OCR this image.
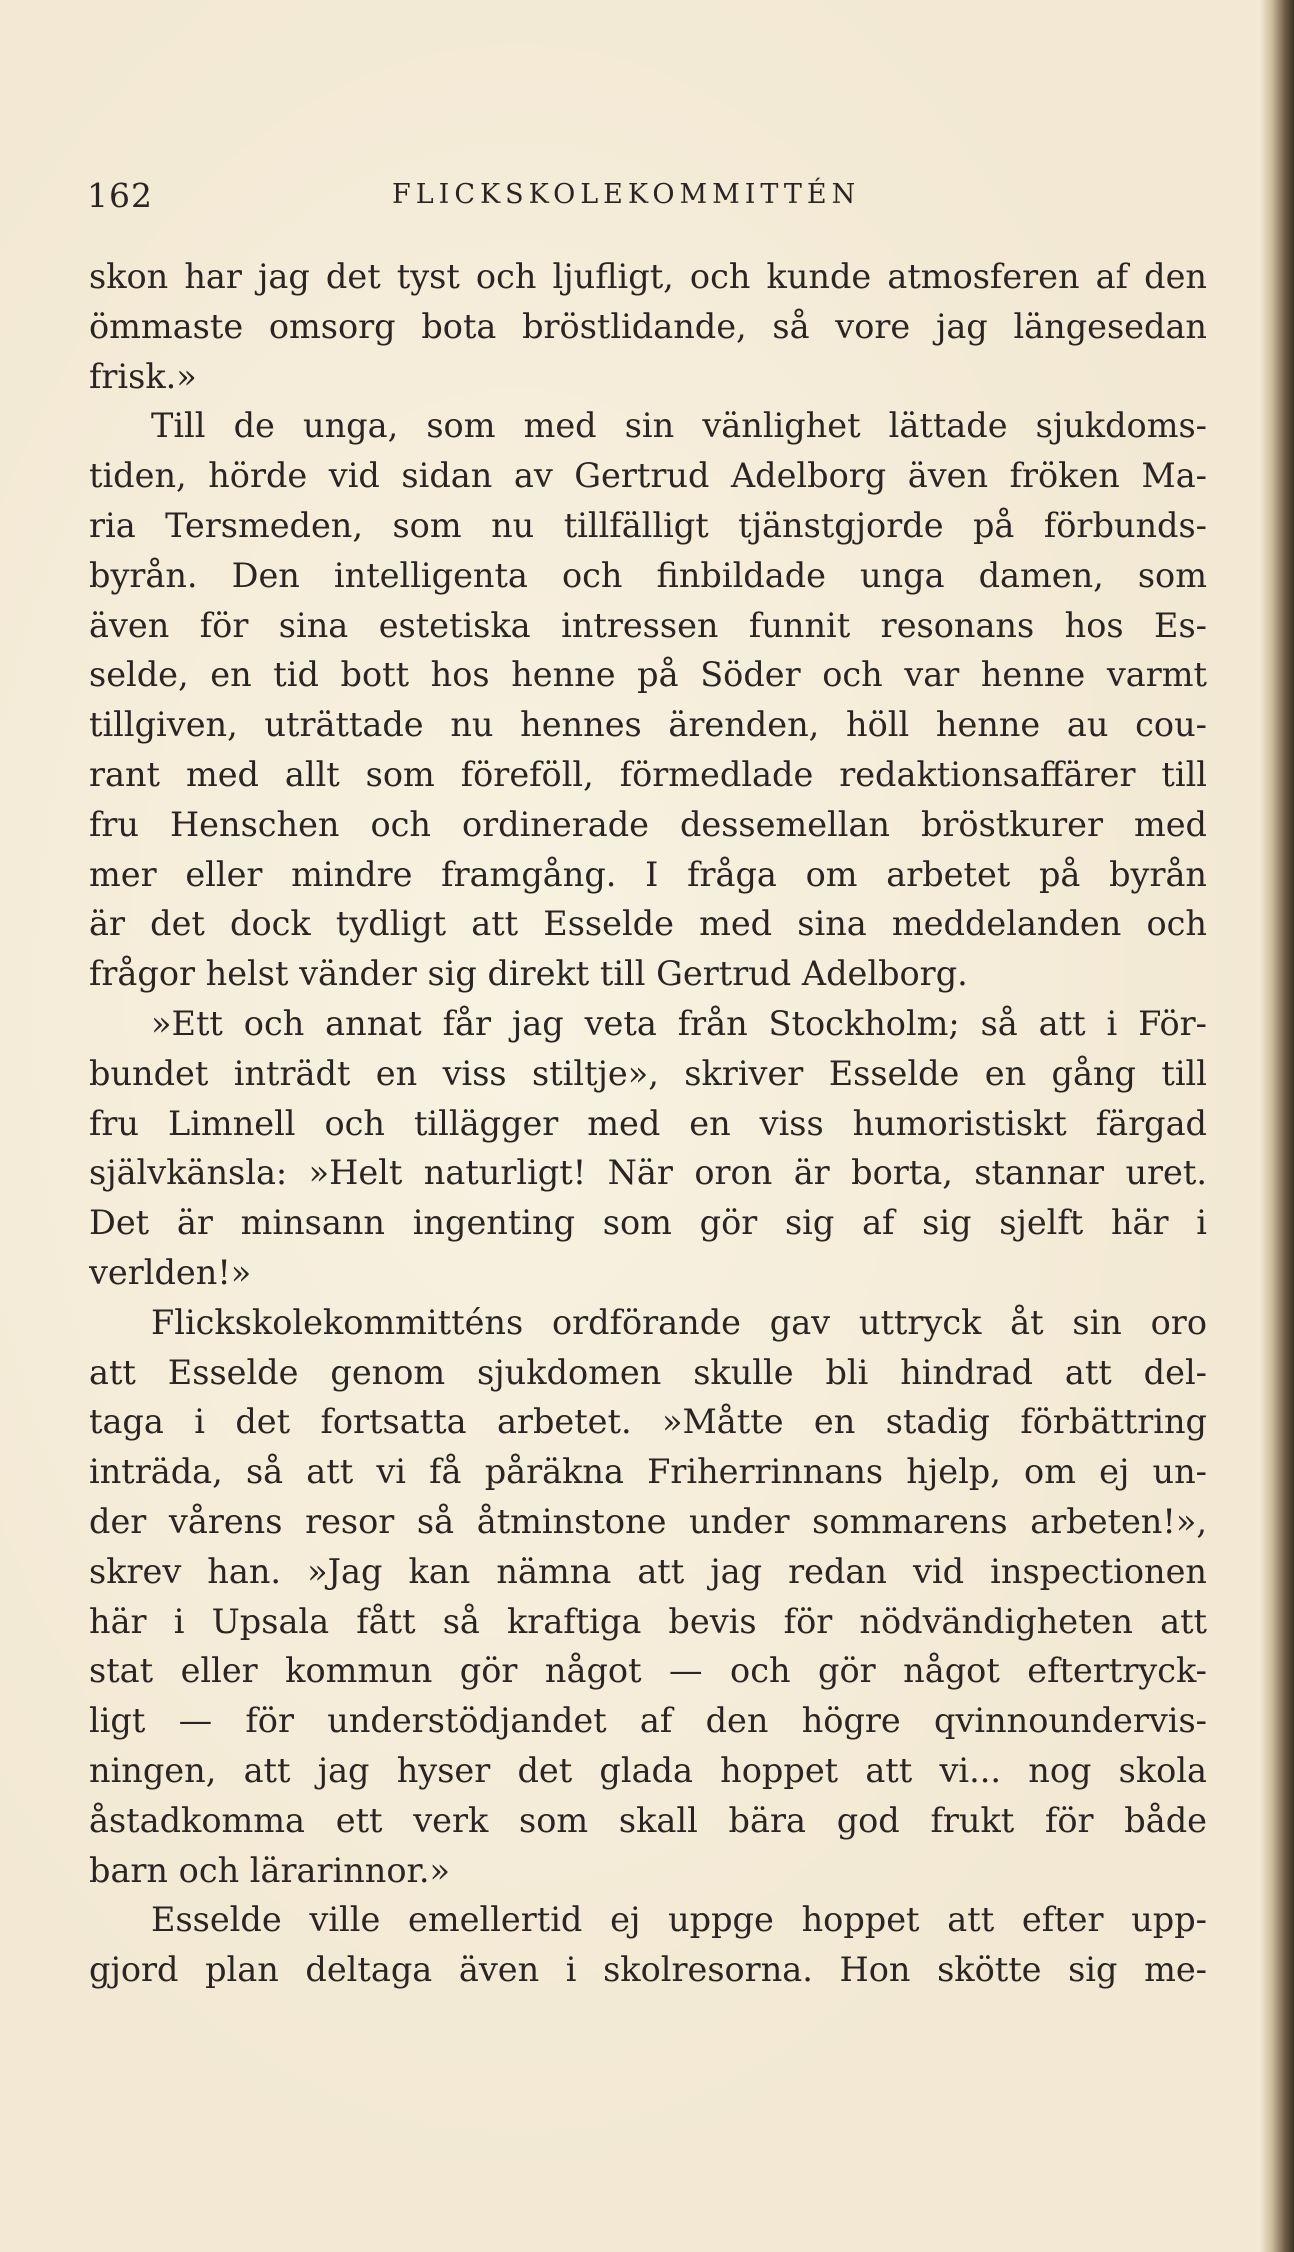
162	FLICKSKOLEKOMMITTÉN
skon har jag det tyst och ljufligt, och kunde atmosferen af den
ömmaste omsorg bota bröstlidande, så vore jag längesedan
frisk.»
Till de unga, som med sin vänlighet lättade sjukdoms-
tiden, hörde vid sidan av Gertrud Adelborg även fröken Ma-
ria Tersmeden, som nu tillfälligt tjänstgjorde på förbunds-
byrån. Den intelligenta och finbildade unga damen, som
även för sina estetiska intressen funnit resonans hos Es-
selde, en tid bott hos henne på Söder och var henne varmt
tillgiven, uträttade nu hennes ärenden, höll henne au cou-
rant med allt som föreföll, förmedlade redaktionsaffärer till
fru Henschen och ordinerade dessemellan bröstkurer med
mer eller mindre framgång. I fråga om arbetet på byrån
är det dock tydligt att Esselde med sina meddelanden och
frågor helst vänder sig direkt till Gertrud Adelborg.
»Ett och annat får jag veta från Stockholm; så att i För-
bundet inträdt en viss stiltje», skriver Esselde en gång till
fru Limnell och tillägger med en viss humoristiskt färgad
självkänsla: »Helt naturligt! När oron är borta, stannar uret.
Det är minsann ingenting som gör sig af sig sjelft här i
verlden!»
Flickskolekommitténs ordförande gav uttryck åt sin oro
att Esselde genom sjukdomen skulle bli hindrad att del-
taga i det fortsatta arbetet. »Måtte en stadig förbättring
inträda, så att vi få påräkna Friherrinnans hjelp, om ej un-
der vårens resor så åtminstone under sommarens arbeten!»,
skrev han. »Jag kan nämna att jag redan vid inspectionen
här i Upsala fått så kraftiga bevis för nödvändigheten att
stat eller kommun gör något — och gör något eftertryck-
ligt — för understödjandet af den högre qvinnoundervis-
ningen, att jag hyser det glada hoppet att vi... nog skola
åstadkomma ett verk som skall bära god frukt för både
barn och lärarinnor.»
Esselde ville emellertid ej uppge hoppet att efter upp-
gjord plan deltaga även i skolresorna. Hon skötte sig me-
